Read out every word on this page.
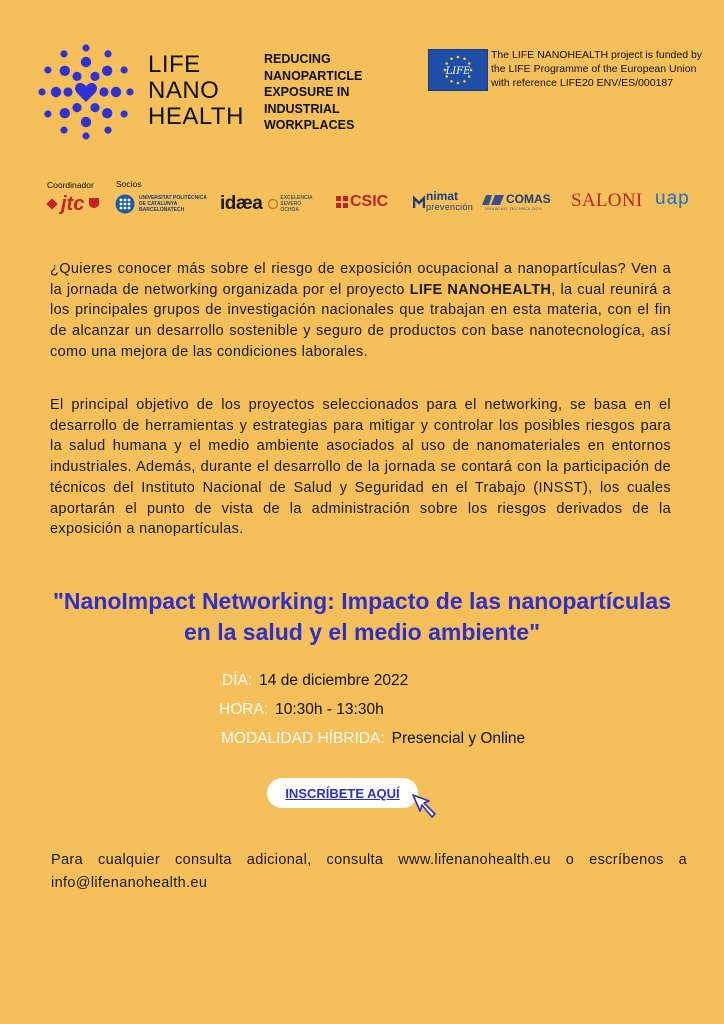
LIFE
NANO
HEALTH
REDUCING
NANOPARTICLE
EXPOSURE IN
INDUSTRIAL
WORKPLACES
LIFE
The LIFE NANOHEALTH project is funded by the LIFE Programme of the European Union with reference LIFE20 ENV/ES/000187
Coordinador	Socios
jtc	UNIVERSITAT POLITÈCNICA
DE CATALUNYA
BARCELONATECH	idæa	EXCELENCIA
SEVERO
OCHOA	CSIC	nimat
prevención
COMAS
DRAWING TECHNOLOGY SALONI uap

¿Quieres conocer más sobre el riesgo de exposición ocupacional a nanopartículas? Ven a la jornada de networking organizada por el proyecto LIFE NANOHEALTH, la cual reunirá a los principales grupos de investigación nacionales que trabajan en esta materia, con el fin de alcanzar un desarrollo sostenible y seguro de productos con base nanotecnologíca, así como una mejora de las condiciones laborales.

El principal objetivo de los proyectos seleccionados para el networking, se basa en el desarrollo de herramientas y estrategias para mitigar y controlar los posibles riesgos para la salud humana y el medio ambiente asociados al uso de nanomateriales en entornos industriales. Además, durante el desarrollo de la jornada se contará con la participación de técnicos del Instituto Nacional de Salud y Seguridad en el Trabajo (INSST), los cuales aportarán el punto de vista de la administración sobre los riesgos derivados de la exposición a nanopartículas.

"NanoImpact Networking: Impacto de las nanopartículas
en la salud y el medio ambiente"
DÍA: 14 de diciembre 2022
HORA: 10:30h - 13:30h
MODALIDAD HÍBRIDA: Presencial y Online
INSCRÍBETE AQUÍ

Para cualquier consulta adicional, consulta www.lifenanohealth.eu o escríbenos a info@lifenanohealth.eu
